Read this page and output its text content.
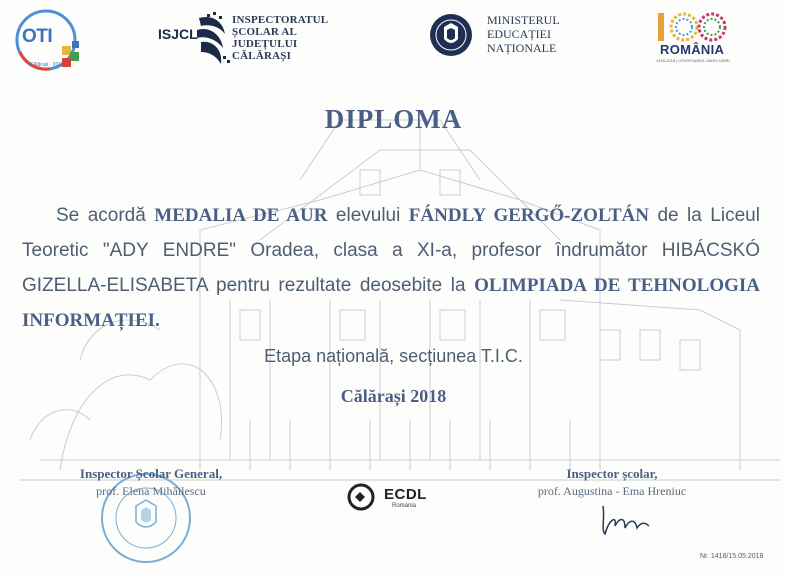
OTI
Călărași · 2018
ISJCL
INSPECTORATUL
ȘCOLAR AL
JUDEȚULUI
CĂLĂRAȘI
MINISTERUL
EDUCAȚIEI
NAȚIONALE	ROMÂNIA
1918-2018 | CENTENARUL MARII UNIRI
DIPLOMA
Se acordă MEDALIA DE AUR elevului FÁNDLY GERGŐ-ZOLTÁN de la Liceul Teoretic "ADY ENDRE" Oradea, clasa a XI-a, profesor îndrumător HIBÁCSKÓ GIZELLA-ELISABETA pentru rezultate deosebite la OLIMPIADA DE TEHNOLOGIA INFORMAȚIEI.
Etapa națională, secțiunea T.I.C.
Călărași 2018
Inspector Școlar General,
prof. Elena Mihăilescu
Inspector școlar,
prof. Augustina - Ema Hreniuc
ECDL
Romania
Nr. 1418/15.05.2018
